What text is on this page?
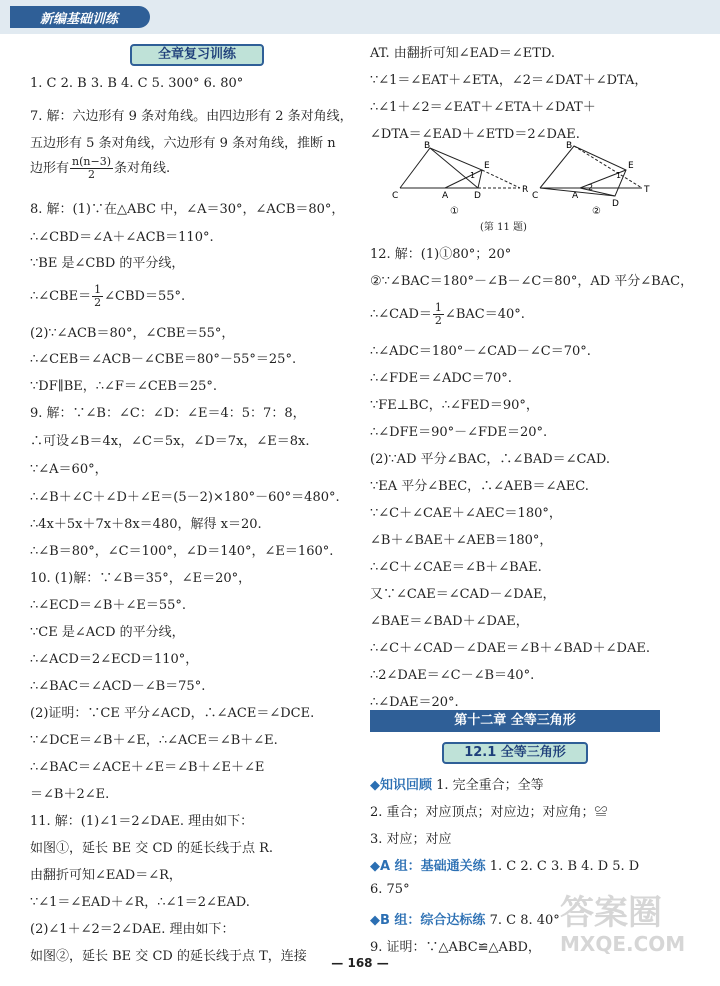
新编基础训练
全章复习训练
1. C 2. B 3. B 4. C 5. 300° 6. 80°
7. 解：六边形有 9 条对角线。由四边形有 2 条对角线，
五边形有 5 条对角线，六边形有 9 条对角线，推断 n
边形有 $\frac{n(n-3)}{2}$ 条对角线.
8. 解：(1)∵在△ABC 中，∠A＝30°，∠ACB＝80°，
∴∠CBD＝∠A＋∠ACB＝110°.
∵BE 是∠CBD 的平分线，
∴∠CBE＝ $\frac{1}{2}$ ∠CBD＝55°.
(2)∵∠ACB＝80°，∠CBE＝55°，
∴∠CEB＝∠ACB－∠CBE＝80°－55°＝25°.
∵DF∥BE，∴∠F＝∠CEB＝25°.
9. 解：∵∠B：∠C：∠D：∠E＝4：5：7：8，
∴可设∠B＝4x，∠C＝5x，∠D＝7x，∠E＝8x.
∵∠A＝60°，
∴∠B＋∠C＋∠D＋∠E＝(5－2)×180°－60°＝480°.
∴4x＋5x＋7x＋8x＝480，解得 x＝20.
∴∠B＝80°，∠C＝100°，∠D＝140°，∠E＝160°.
10. (1)解：∵∠B＝35°，∠E＝20°，
∴∠ECD＝∠B＋∠E＝55°.
∵CE 是∠ACD 的平分线，
∴∠ACD＝2∠ECD＝110°，
∴∠BAC＝∠ACD－∠B＝75°.
(2)证明：∵CE 平分∠ACD，∴∠ACE＝∠DCE.
∵∠DCE＝∠B＋∠E，∴∠ACE＝∠B＋∠E.
∴∠BAC＝∠ACE＋∠E＝∠B＋∠E＋∠E
＝∠B＋2∠E.
11. 解：(1)∠1＝2∠DAE. 理由如下：
如图①，延长 BE 交 CD 的延长线于点 R.
由翻折可知∠EAD＝∠R，
∵∠1＝∠EAD＋∠R，∴∠1＝2∠EAD.
(2)∠1＋∠2＝2∠DAE. 理由如下：
如图②，延长 BE 交 CD 的延长线于点 T，连接
AT. 由翻折可知∠EAD＝∠ETD.
∵∠1＝∠EAT＋∠ETA，∠2＝∠DAT＋∠DTA，
∴∠1＋∠2＝∠EAT＋∠ETA＋∠DAT＋
∠DTA＝∠EAD＋∠ETD＝2∠DAE.
B
E
C	A	D
R
1
①
B
E
C	A
D
T
1
2
②
(第 11 题)
12. 解：(1)①80°；20°
②∵∠BAC＝180°－∠B－∠C＝80°，AD 平分∠BAC，
∴∠CAD＝ $\frac{1}{2}$ ∠BAC＝40°.
∴∠ADC＝180°－∠CAD－∠C＝70°.
∴∠FDE＝∠ADC＝70°.
∵FE⊥BC，∴∠FED＝90°，
∴∠DFE＝90°－∠FDE＝20°.
(2)∵AD 平分∠BAC，∴∠BAD＝∠CAD.
∵EA 平分∠BEC，∴∠AEB＝∠AEC.
∵∠C＋∠CAE＋∠AEC＝180°，
∠B＋∠BAE＋∠AEB＝180°，
∴∠C＋∠CAE＝∠B＋∠BAE.
又∵∠CAE＝∠CAD－∠DAE，
∠BAE＝∠BAD＋∠DAE，
∴∠C＋∠CAD－∠DAE＝∠B＋∠BAD＋∠DAE.
∴2∠DAE＝∠C－∠B＝40°.
∴∠DAE＝20°.
第十二章 全等三角形
12.1 全等三角形
◆知识回顾 1. 完全重合；全等
2. 重合；对应顶点；对应边；对应角；≌
3. 对应；对应
◆A 组：基础通关练 1. C 2. C 3. B 4. D 5. D
6. 75°
◆B 组：综合达标练 7. C 8. 40°
9. 证明：∵△ABC≌△ABD，
答案圈
MXQE.COM
— 168 —
